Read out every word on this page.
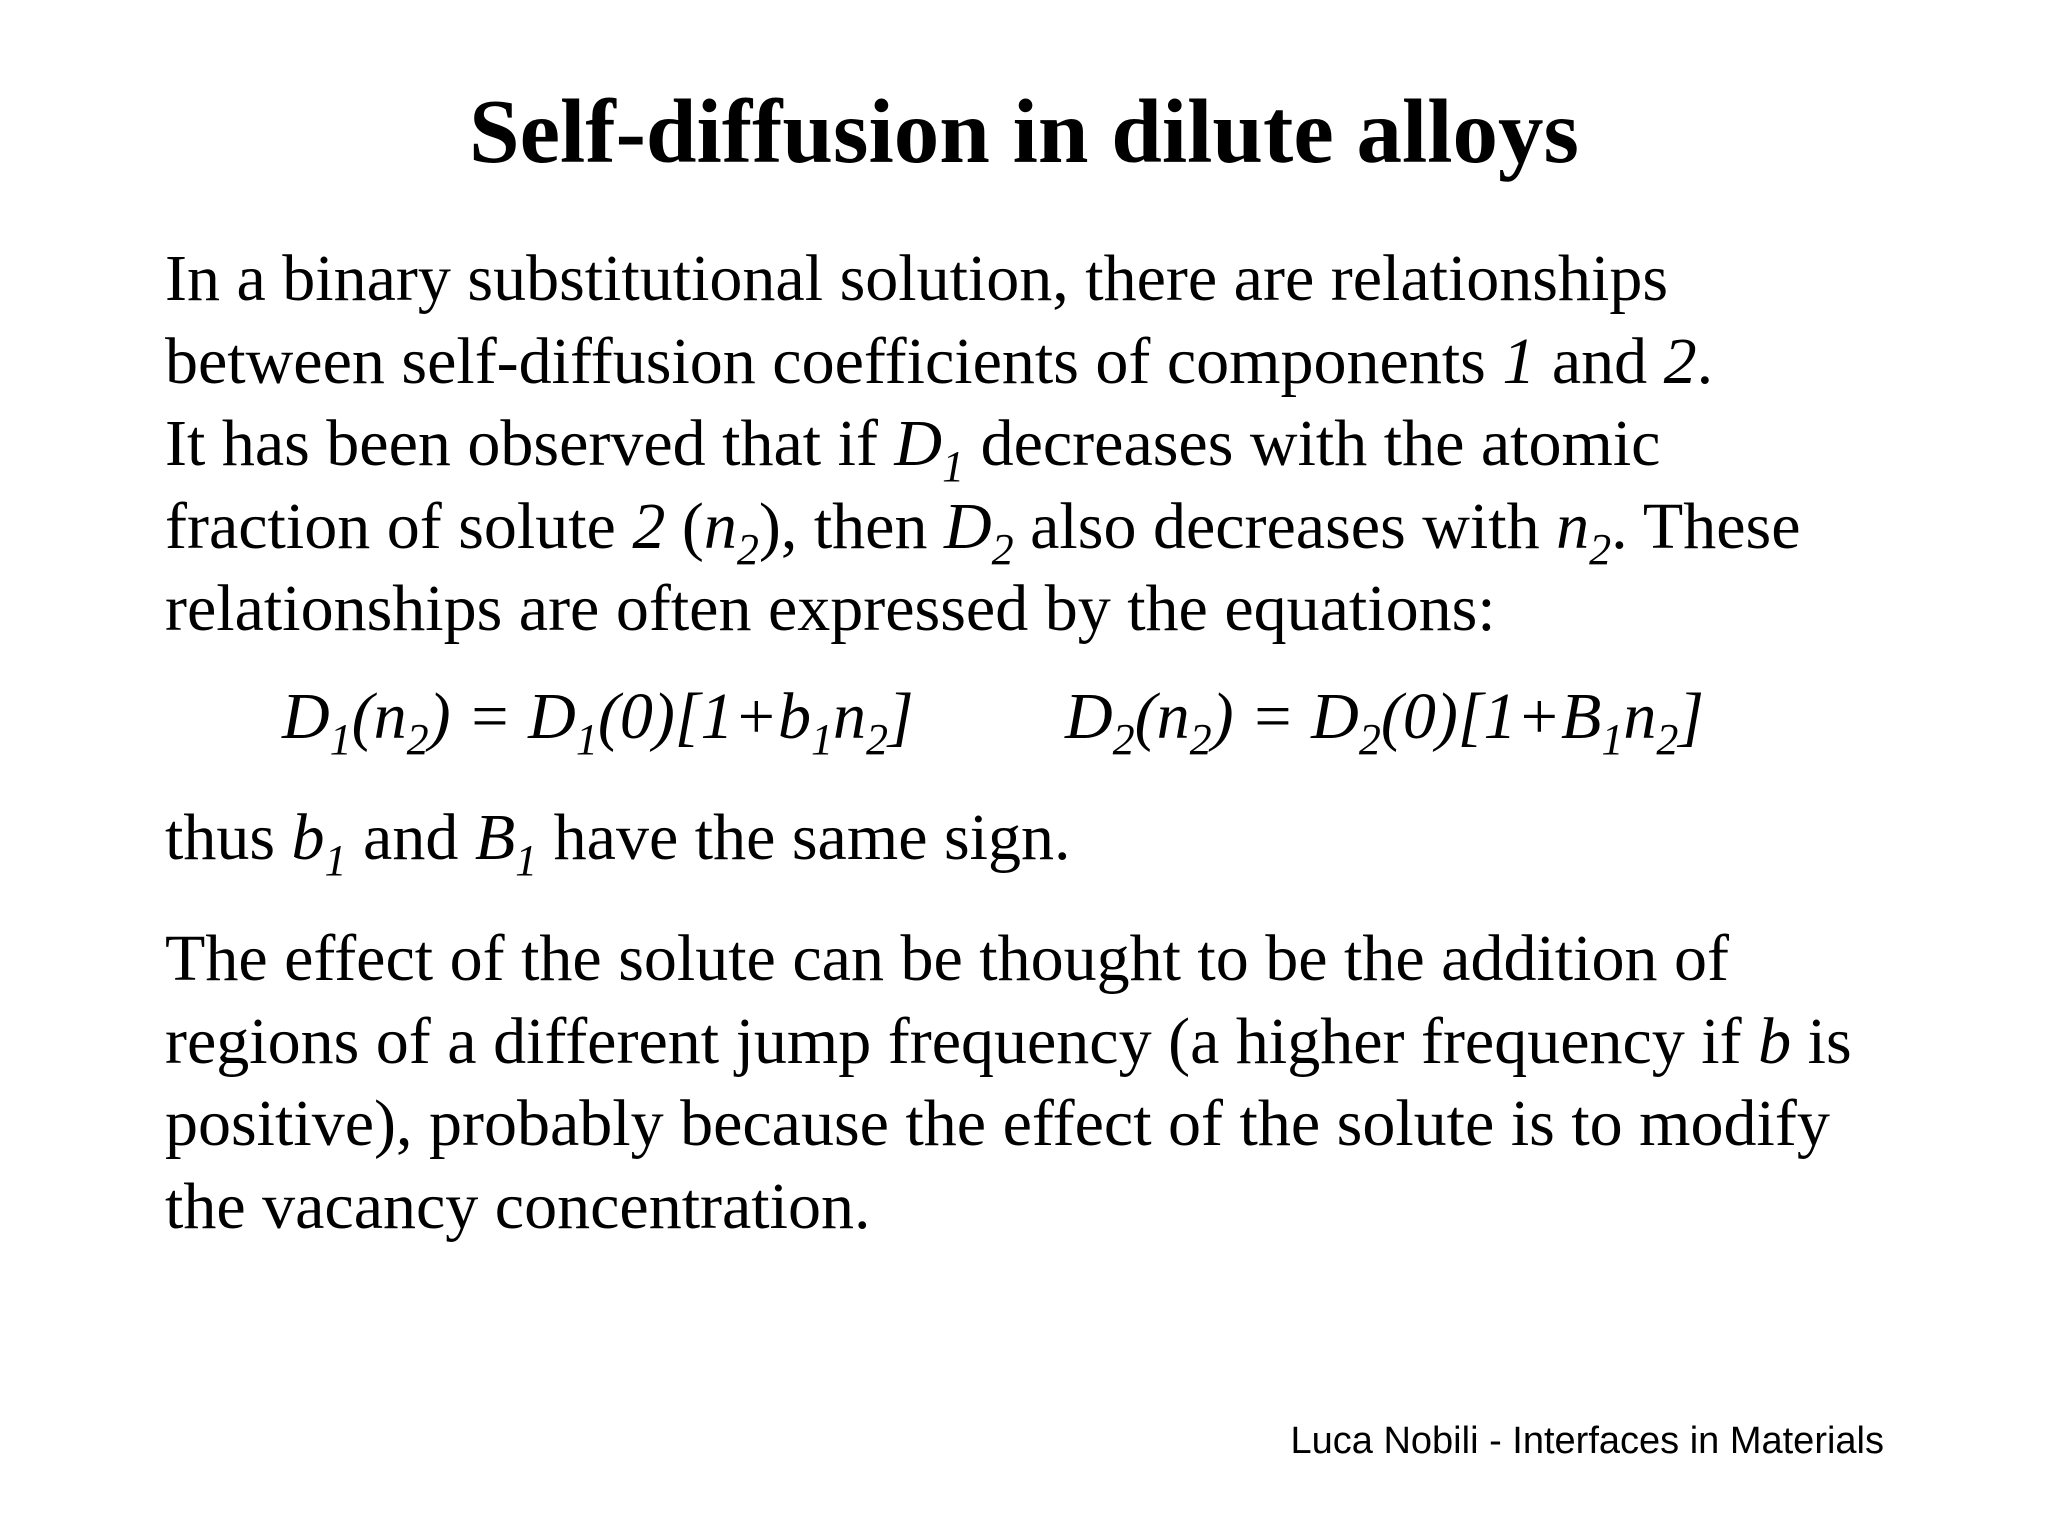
Self-diffusion in dilute alloys
In a binary substitutional solution, there are relationships
between self-diffusion coefficients of components 1 and 2.
It has been observed that if $D_1$ decreases with the atomic
fraction of solute 2 $(n_2)$, then $D_2$ also decreases with $n_2$. These
relationships are often expressed by the equations:
$D_1(n_2) = D_1(0)[1+b_1n_2] D_2(n_2) = D_2(0)[1+B_1n_2]$
thus $b_1$ and $B_1$ have the same sign.
The effect of the solute can be thought to be the addition of
regions of a different jump frequency (a higher frequency if b is
positive), probably because the effect of the solute is to modify
the vacancy concentration.
Luca Nobili - Interfaces in Materials
